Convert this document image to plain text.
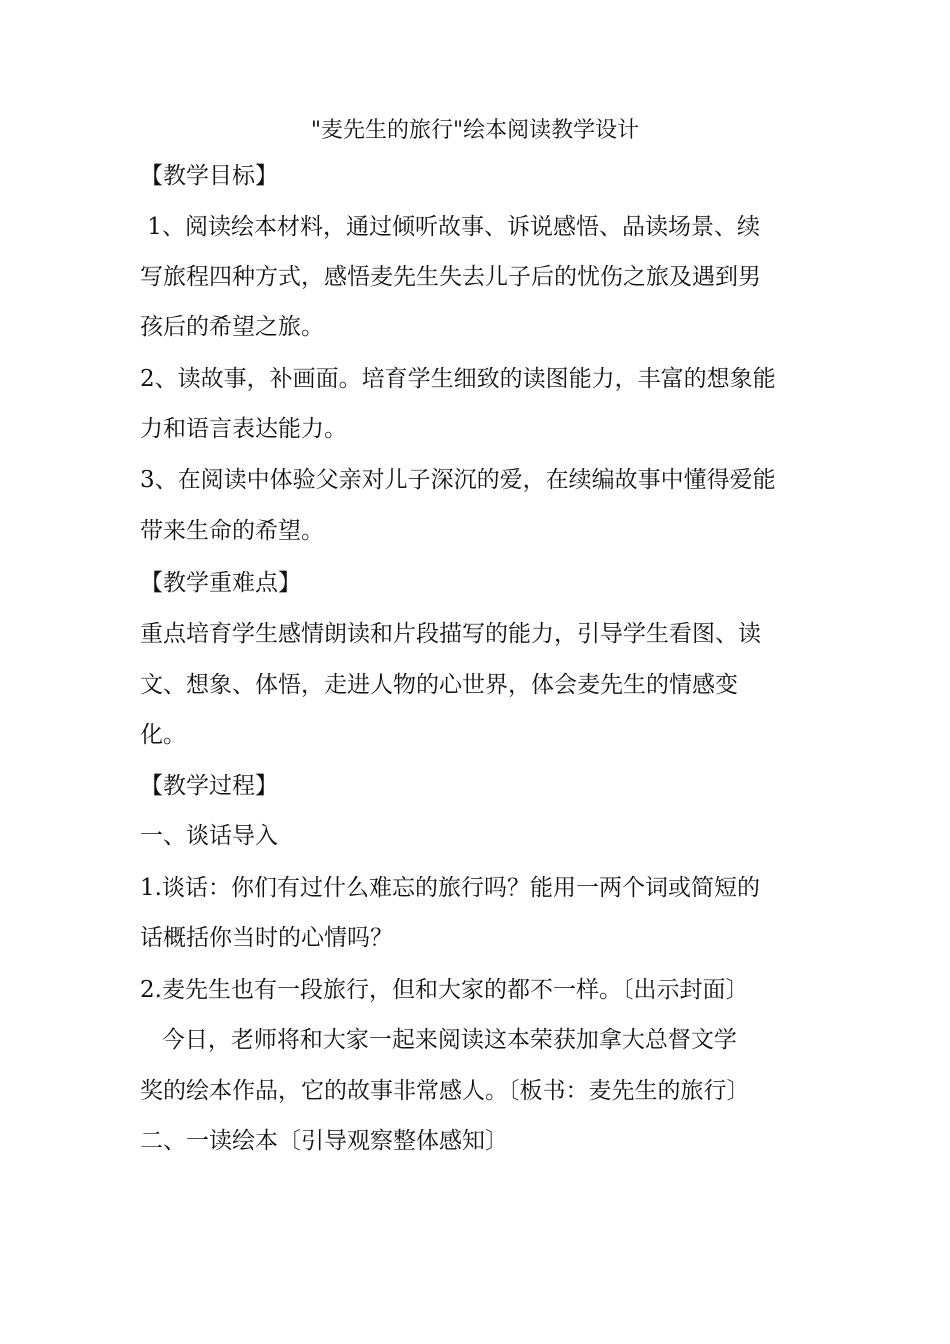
"麦先生的旅行"绘本阅读教学设计
【教学目标】
1、阅读绘本材料，通过倾听故事、诉说感悟、品读场景、续
写旅程四种方式，感悟麦先生失去儿子后的忧伤之旅及遇到男
孩后的希望之旅。
2、读故事，补画面。培育学生细致的读图能力，丰富的想象能
力和语言表达能力。
3、在阅读中体验父亲对儿子深沉的爱，在续编故事中懂得爱能
带来生命的希望。
【教学重难点】
重点培育学生感情朗读和片段描写的能力，引导学生看图、读
文、想象、体悟，走进人物的心世界，体会麦先生的情感变
化。
【教学过程】
一、谈话导入
1.谈话：你们有过什么难忘的旅行吗？能用一两个词或简短的
话概括你当时的心情吗？
2.麦先生也有一段旅行，但和大家的都不一样。〔出示封面〕
今日，老师将和大家一起来阅读这本荣获加拿大总督文学
奖的绘本作品，它的故事非常感人。〔板书：麦先生的旅行〕
二、一读绘本〔引导观察整体感知〕
